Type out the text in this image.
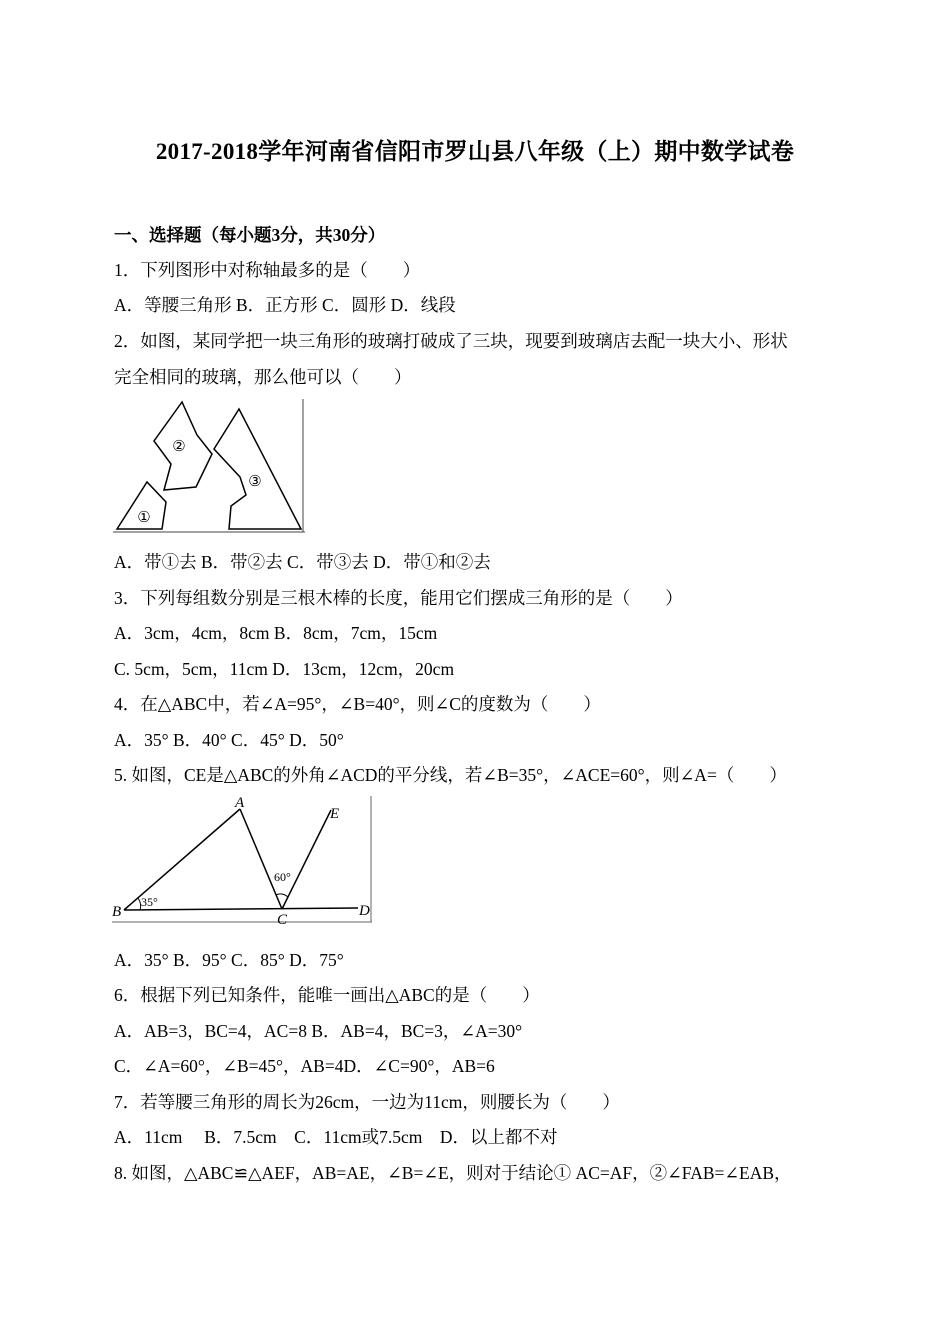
2017-2018学年河南省信阳市罗山县八年级（上）期中数学试卷
一、选择题（每小题3分，共30分）
1．下列图形中对称轴最多的是（　　）
A．等腰三角形 B．正方形 C．圆形 D．线段
2．如图，某同学把一块三角形的玻璃打破成了三块，现要到玻璃店去配一块大小、形状
完全相同的玻璃，那么他可以（　　）
①
②
③
A．带①去 B．带②去 C．带③去 D．带①和②去
3．下列每组数分别是三根木棒的长度，能用它们摆成三角形的是（　　）
A．3cm，4cm，8cm B．8cm，7cm，15cm
C. 5cm，5cm，11cm D．13cm，12cm，20cm
4．在△ABC中，若∠A=95°，∠B=40°，则∠C的度数为（　　）
A．35° B．40° C．45° D．50°
5. 如图，CE是△ABC的外角∠ACD的平分线，若∠B=35°，∠ACE=60°，则∠A=（　　）
A
B	C
D
E
35°
60°
A．35° B．95° C．85° D．75°
6．根据下列已知条件，能唯一画出△ABC的是（　　）
A．AB=3，BC=4，AC=8 B．AB=4，BC=3，∠A=30°
C．∠A=60°，∠B=45°，AB=4D．∠C=90°，AB=6
7．若等腰三角形的周长为26cm，一边为11cm，则腰长为（　　）
A．11cm　 B．7.5cm　C．11cm或7.5cm　D．以上都不对
8. 如图，△ABC≌△AEF，AB=AE，∠B=∠E，则对于结论① AC=AF，②∠FAB=∠EAB，
